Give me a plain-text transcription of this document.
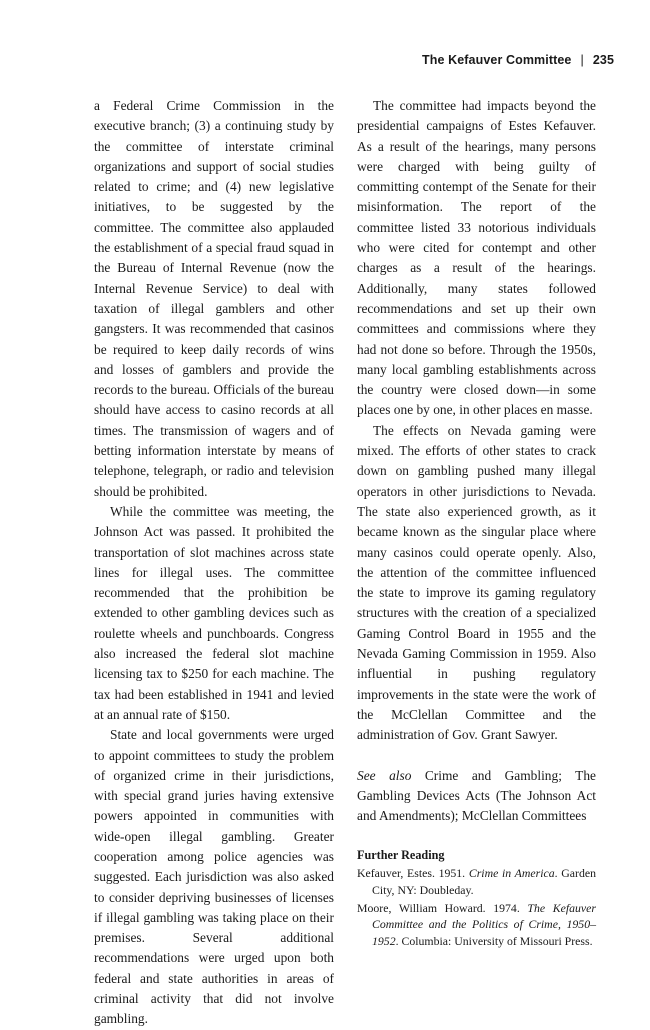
The Kefauver Committee | 235

a Federal Crime Commission in the executive branch; (3) a continuing study by the committee of interstate criminal organizations and support of social studies related to crime; and (4) new legislative initiatives, to be suggested by the committee. The committee also applauded the establishment of a special fraud squad in the Bureau of Internal Revenue (now the Internal Revenue Service) to deal with taxation of illegal gamblers and other gangsters. It was recommended that casinos be required to keep daily records of wins and losses of gamblers and provide the records to the bureau. Officials of the bureau should have access to casino records at all times. The transmission of wagers and of betting information interstate by means of telephone, telegraph, or radio and television should be prohibited.

While the committee was meeting, the Johnson Act was passed. It prohibited the transportation of slot machines across state lines for illegal uses. The committee recommended that the prohibition be extended to other gambling devices such as roulette wheels and punchboards. Congress also increased the federal slot machine licensing tax to $250 for each machine. The tax had been established in 1941 and levied at an annual rate of $150.

State and local governments were urged to appoint committees to study the problem of organized crime in their jurisdictions, with special grand juries having extensive powers appointed in communities with wide-open illegal gambling. Greater cooperation among police agencies was suggested. Each jurisdiction was also asked to consider depriving businesses of licenses if illegal gambling was taking place on their premises. Several additional recommendations were urged upon both federal and state authorities in areas of criminal activity that did not involve gambling.

The committee had impacts beyond the presidential campaigns of Estes Kefauver. As a result of the hearings, many persons were charged with being guilty of committing contempt of the Senate for their misinformation. The report of the committee listed 33 notorious individuals who were cited for contempt and other charges as a result of the hearings. Additionally, many states followed recommendations and set up their own committees and commissions where they had not done so before. Through the 1950s, many local gambling establishments across the country were closed down—in some places one by one, in other places en masse.

The effects on Nevada gaming were mixed. The efforts of other states to crack down on gambling pushed many illegal operators in other jurisdictions to Nevada. The state also experienced growth, as it became known as the singular place where many casinos could operate openly. Also, the attention of the committee influenced the state to improve its gaming regulatory structures with the creation of a specialized Gaming Control Board in 1955 and the Nevada Gaming Commission in 1959. Also influential in pushing regulatory improvements in the state were the work of the McClellan Committee and the administration of Gov. Grant Sawyer.

See also Crime and Gambling; The Gambling Devices Acts (The Johnson Act and Amendments); McClellan Committees

Further Reading
Kefauver, Estes. 1951. Crime in America. Garden City, NY: Doubleday.
Moore, William Howard. 1974. The Kefauver Committee and the Politics of Crime, 1950–1952. Columbia: University of Missouri Press.
